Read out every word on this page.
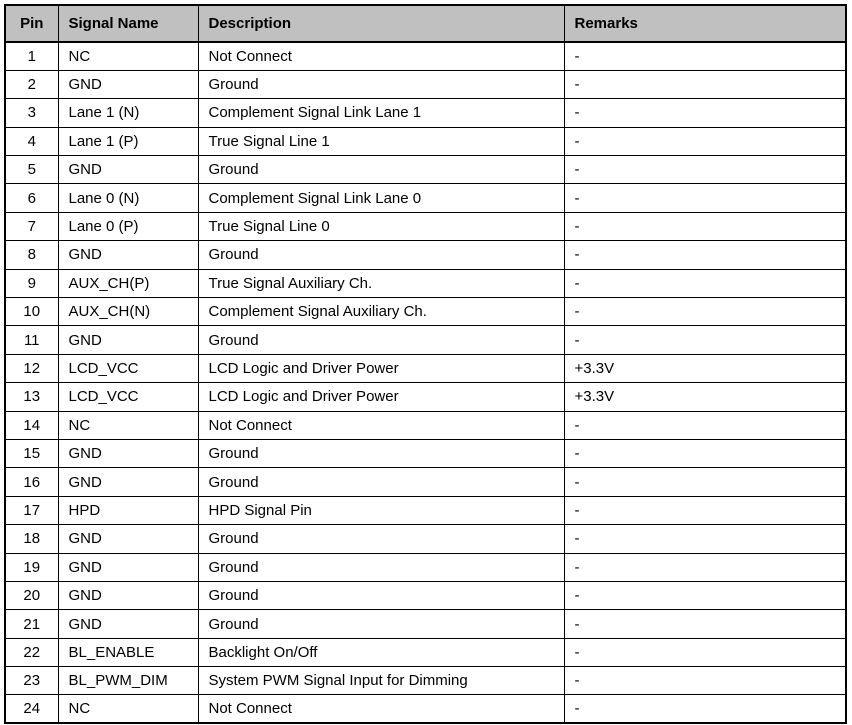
Pin	Signal Name	Description	Remarks
1	NC	Not Connect	-
2	GND	Ground	-
3	Lane 1 (N)	Complement Signal Link Lane 1	-
4	Lane 1 (P)	True Signal Line 1	-
5	GND	Ground	-
6	Lane 0 (N)	Complement Signal Link Lane 0	-
7	Lane 0 (P)	True Signal Line 0	-
8	GND	Ground	-
9	AUX_CH(P)	True Signal Auxiliary Ch.	-
10	AUX_CH(N)	Complement Signal Auxiliary Ch.	-
11	GND	Ground	-
12	LCD_VCC	LCD Logic and Driver Power	+3.3V
13	LCD_VCC	LCD Logic and Driver Power	+3.3V
14	NC	Not Connect	-
15	GND	Ground	-
16	GND	Ground	-
17	HPD	HPD Signal Pin	-
18	GND	Ground	-
19	GND	Ground	-
20	GND	Ground	-
21	GND	Ground	-
22	BL_ENABLE	Backlight On/Off	-
23	BL_PWM_DIM	System PWM Signal Input for Dimming	-
24	NC	Not Connect	-
